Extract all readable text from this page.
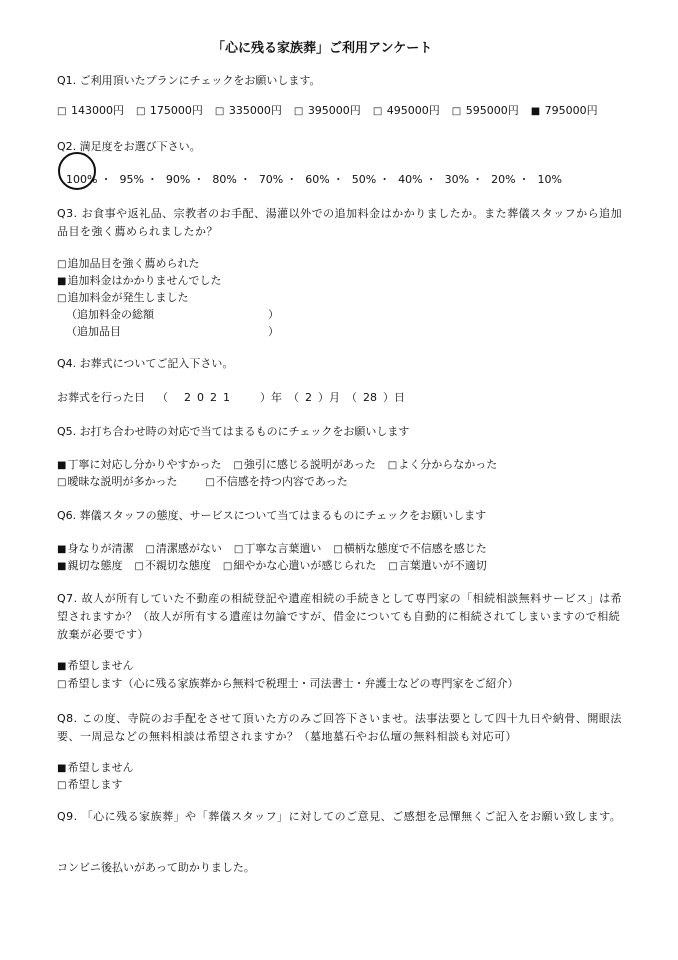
「心に残る家族葬」ご利用アンケート
Q1. ご利用頂いたプランにチェックをお願いします。
□ 143000円 □ 175000円 □ 335000円 □ 395000円 □ 495000円 □ 595000円 ■ 795000円
Q2. 満足度をお選び下さい。
100% ・ 95% ・ 90% ・ 80% ・ 70% ・ 60% ・ 50% ・ 40% ・ 30% ・ 20% ・ 10%
Q3. お食事や返礼品、宗教者のお手配、湯灌以外での追加料金はかかりましたか。また葬儀スタッフから追加品目を強く薦められましたか？
□追加品目を強く薦められた
■追加料金はかかりませんでした
□追加料金が発生しました
（追加料金の総額	）
（追加品目	）
Q4. お葬式についてご記入下さい。
お葬式を行った日 （ 2021 ） 年 （ 2 ） 月 （ 28 ） 日
Q5. お打ち合わせ時の対応で当てはまるものにチェックをお願いします
■丁寧に対応し分かりやすかった □強引に感じる説明があった □よく分からなかった
□曖昧な説明が多かった	□不信感を持つ内容であった
Q6. 葬儀スタッフの態度、サービスについて当てはまるものにチェックをお願いします
■身なりが清潔 □清潔感がない □丁寧な言葉遣い □横柄な態度で不信感を感じた
■親切な態度 □不親切な態度 □細やかな心遣いが感じられた □言葉遣いが不適切
Q7. 故人が所有していた不動産の相続登記や遺産相続の手続きとして専門家の「相続相談無料サービス」は希望されますか？（故人が所有する遺産は勿論ですが、借金についても自動的に相続されてしまいますので相続放棄が必要です）
■希望しません
□希望します（心に残る家族葬から無料で税理士・司法書士・弁護士などの専門家をご紹介）
Q8. この度、寺院のお手配をさせて頂いた方のみご回答下さいませ。法事法要として四十九日や納骨、開眼法要、一周忌などの無料相談は希望されますか？（墓地墓石やお仏壇の無料相談も対応可）
■希望しません
□希望します
Q9. 「心に残る家族葬」や「葬儀スタッフ」に対してのご意見、ご感想を忌憚無くご記入をお願い致します。
コンビニ後払いがあって助かりました。
